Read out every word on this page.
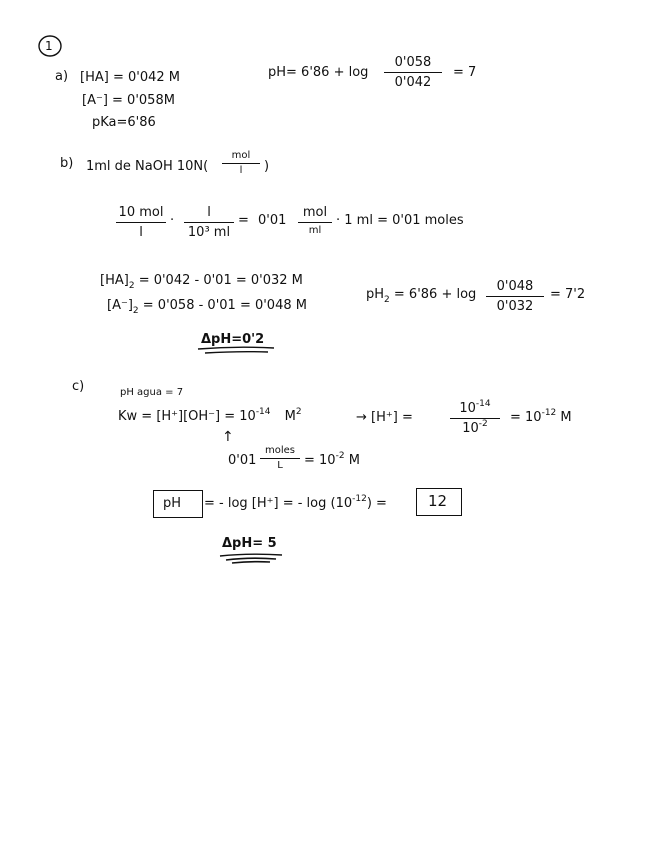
1
a) [HA] = 0'042 M
[A⁻] = 0'058M
pKa=6'86
pH= 6'86 + log
0'058
0'042
= 7
b) 1ml de NaOH 10N(
mol
l	)
10 mol
l
·
l
10³ ml
= 0'01
mol
ml
· 1 ml = 0'01 moles
$[HA]_2 = 0'042 - 0'01 = 0'032$ M
$[A^-]_2 = 0'058 - 0'01 = 0'048$ M
$pH_2 = 6'86 + \log$
0'048
0'032
= 7'2
ΔpH=0'2
c)	pH agua = 7
$Kw = [H^+][OH^-] = 10^{-14}$ $M^2$	→ [H⁺] =
$10^{-14}$
$10^{-2}$	= $10^{-12}$ M
↑
0'01
moles
L	= $10^{-2}$ M
pH = - log [H⁺] = - $\log (10^{-12})$ =	12
ΔpH= 5
